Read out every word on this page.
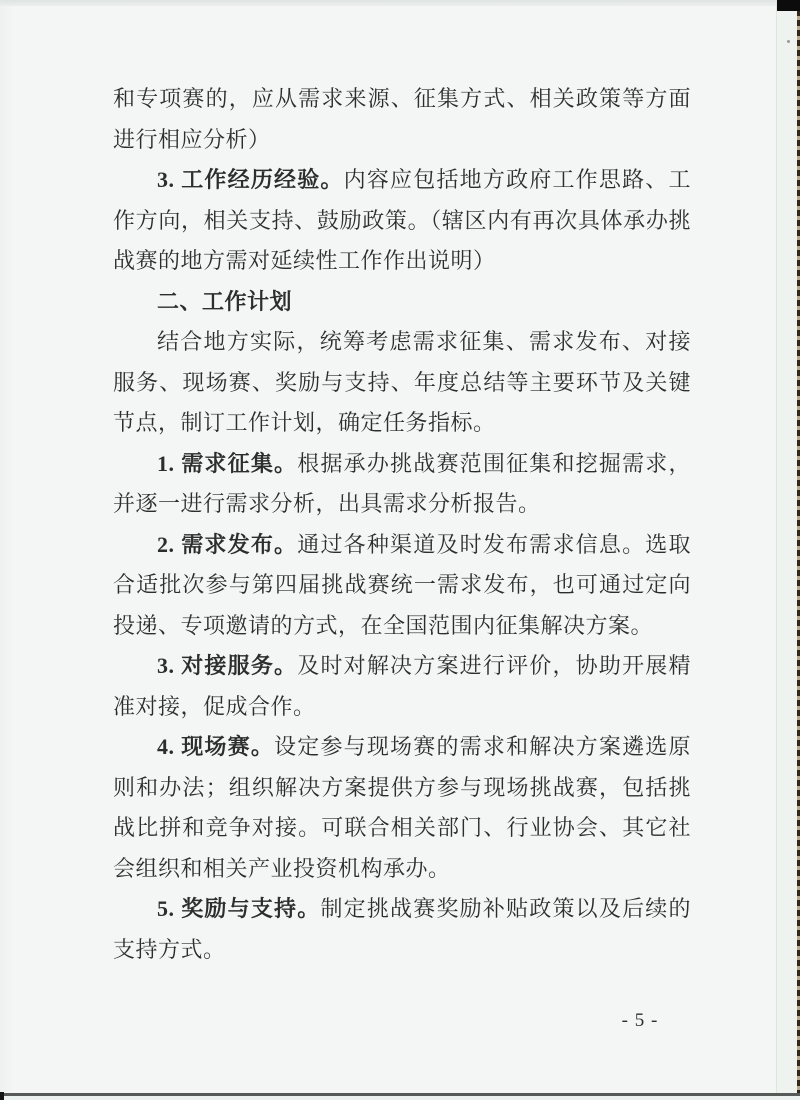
和专项赛的，应从需求来源、征集方式、相关政策等方面进行相应分析）

3. 工作经历经验。内容应包括地方政府工作思路、工作方向，相关支持、鼓励政策。（辖区内有再次具体承办挑战赛的地方需对延续性工作作出说明）

二、工作计划

结合地方实际，统筹考虑需求征集、需求发布、对接服务、现场赛、奖励与支持、年度总结等主要环节及关键节点，制订工作计划，确定任务指标。

1. 需求征集。根据承办挑战赛范围征集和挖掘需求，并逐一进行需求分析，出具需求分析报告。

2. 需求发布。通过各种渠道及时发布需求信息。选取合适批次参与第四届挑战赛统一需求发布，也可通过定向投递、专项邀请的方式，在全国范围内征集解决方案。

3. 对接服务。及时对解决方案进行评价，协助开展精准对接，促成合作。

4. 现场赛。设定参与现场赛的需求和解决方案遴选原则和办法；组织解决方案提供方参与现场挑战赛，包括挑战比拼和竞争对接。可联合相关部门、行业协会、其它社会组织和相关产业投资机构承办。

5. 奖励与支持。制定挑战赛奖励补贴政策以及后续的支持方式。

- 5 -
